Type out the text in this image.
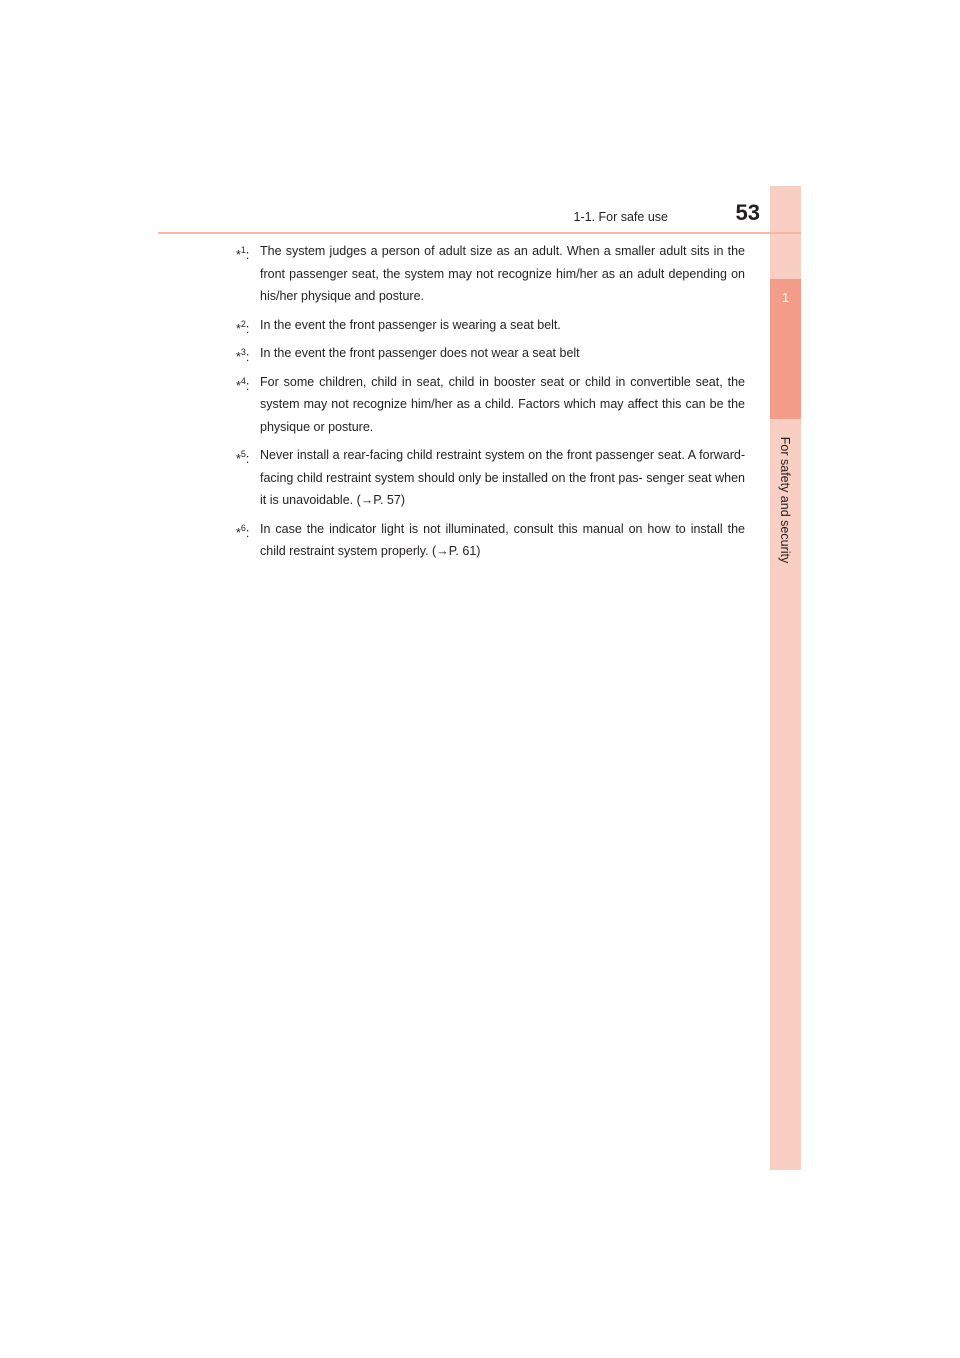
1
For safety and security
1-1. For safe use	53
*$^1$: The system judges a person of adult size as an adult. When a smaller adult sits in the front passenger seat, the system may not recognize him/her as an adult depending on his/her physique and posture.
*$^2$: In the event the front passenger is wearing a seat belt.
*$^3$: In the event the front passenger does not wear a seat belt
*$^4$: For some children, child in seat, child in booster seat or child in convertible seat, the system may not recognize him/her as a child. Factors which may affect this can be the physique or posture.
*$^5$: Never install a rear-facing child restraint system on the front passenger seat. A forward-facing child restraint system should only be installed on the front pas- senger seat when it is unavoidable. (→P. 57)
*$^6$: In case the indicator light is not illuminated, consult this manual on how to install the child restraint system properly. (→P. 61)
